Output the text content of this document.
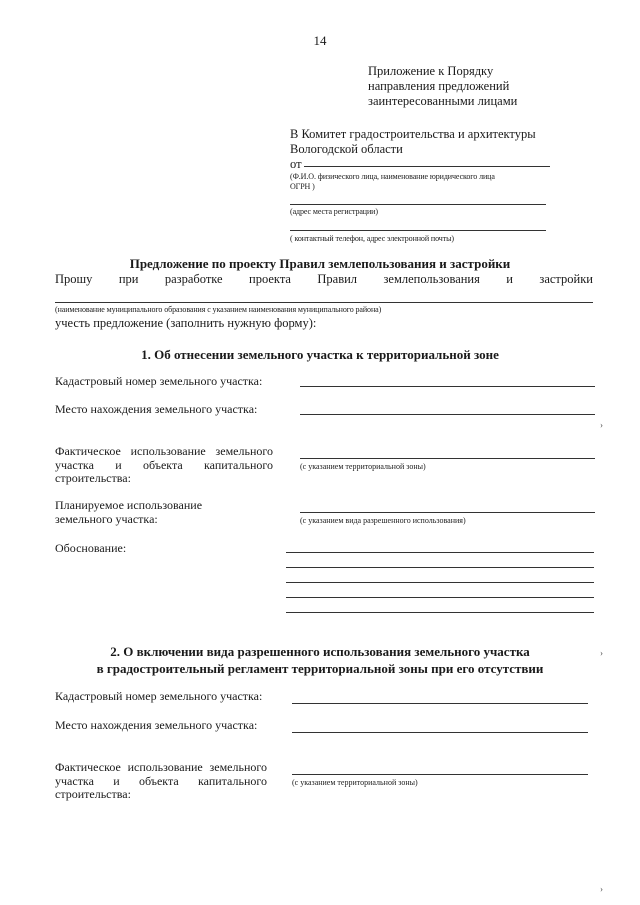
14
Приложение к Порядку
направления предложений
заинтересованными лицами
В Комитет градостроительства и архитектуры
Вологодской области
от
(Ф.И.О. физического лица, наименование юридического лица
ОГРН )
(адрес места регистрации)
( контактный телефон, адрес электронной почты)
Предложение по проекту Правил землепользования и застройки
Прошу при разработке проекта Правил землепользования и застройки
(наименование муниципального образования с указанием наименования муниципального района)
учесть предложение (заполнить нужную форму):
1. Об отнесении земельного участка к территориальной зоне
Кадастровый номер земельного участка:
Место нахождения земельного участка:
›
Фактическое использование земельного
участка и объекта капитального
строительства:
(с указанием территориальной зоны)
Планируемое использование
земельного участка:	(с указанием вида разрешенного использования)
Обоснование:
2. О включении вида разрешенного использования земельного участка
в градостроительный регламент территориальной зоны при его отсутствии
›
Кадастровый номер земельного участка:
Место нахождения земельного участка:
Фактическое использование земельного
участка и объекта капитального
строительства:
(с указанием территориальной зоны)
›
